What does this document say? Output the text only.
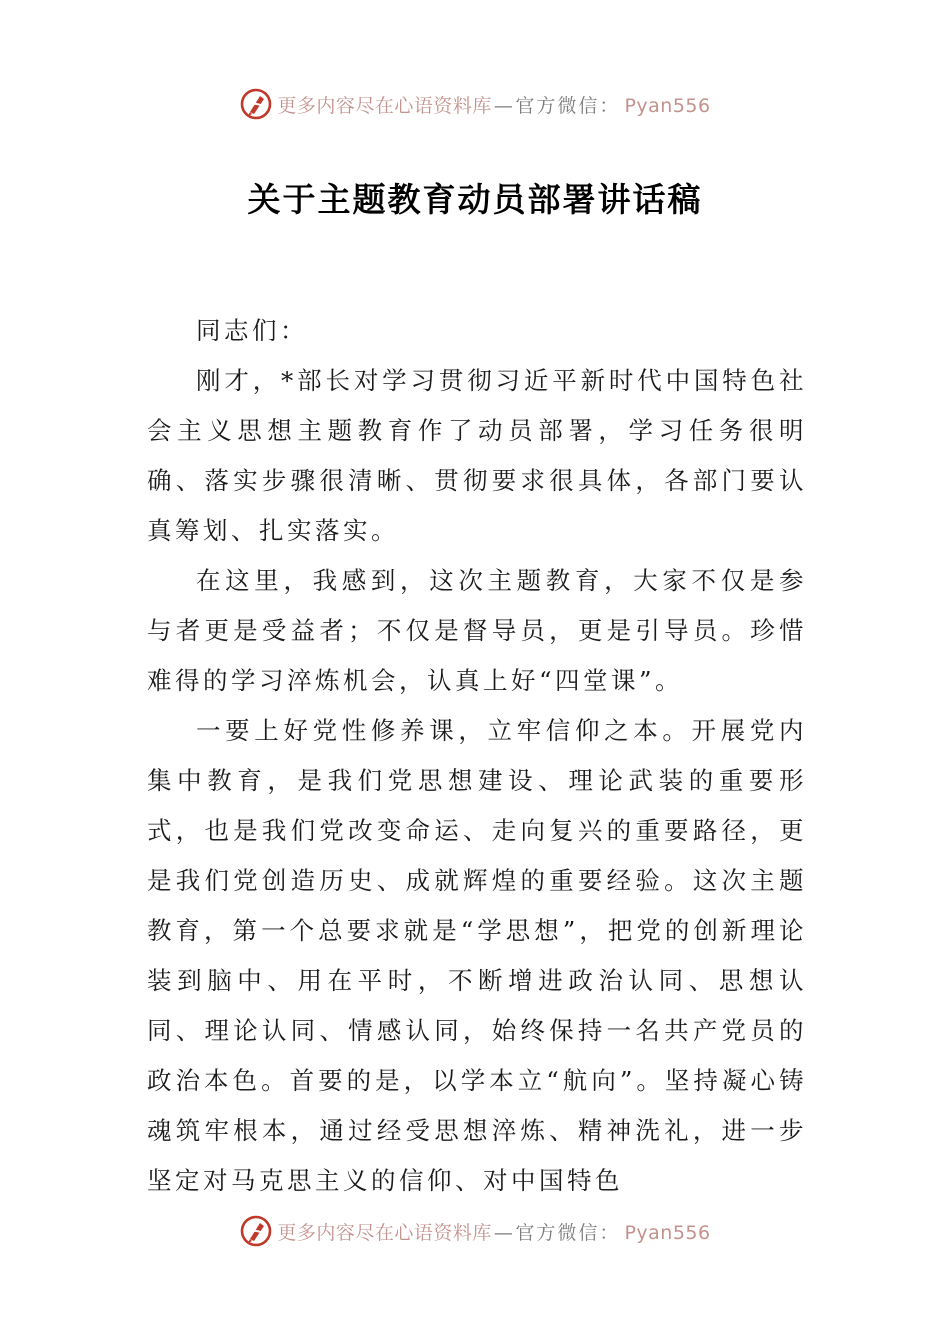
更多内容尽在心语资料库 — 官方微信： Pyan556
关于主题教育动员部署讲话稿

同志们：

刚才，*部长对学习贯彻习近平新时代中国特色社会主义思想主题教育作了动员部署，学习任务很明确、落实步骤很清晰、贯彻要求很具体，各部门要认真筹划、扎实落实。

在这里，我感到，这次主题教育，大家不仅是参与者更是受益者；不仅是督导员，更是引导员。珍惜难得的学习淬炼机会，认真上好“四堂课”。

一要上好党性修养课，立牢信仰之本。开展党内集中教育，是我们党思想建设、理论武装的重要形式，也是我们党改变命运、走向复兴的重要路径，更是我们党创造历史、成就辉煌的重要经验。这次主题教育，第一个总要求就是“学思想”，把党的创新理论装到脑中、用在平时，不断增进政治认同、思想认同、理论认同、情感认同，始终保持一名共产党员的政治本色。首要的是，以学本立“航向”。坚持凝心铸魂筑牢根本，通过经受思想淬炼、精神洗礼，进一步坚定对马克思主义的信仰、对中国特色

更多内容尽在心语资料库 — 官方微信： Pyan556
